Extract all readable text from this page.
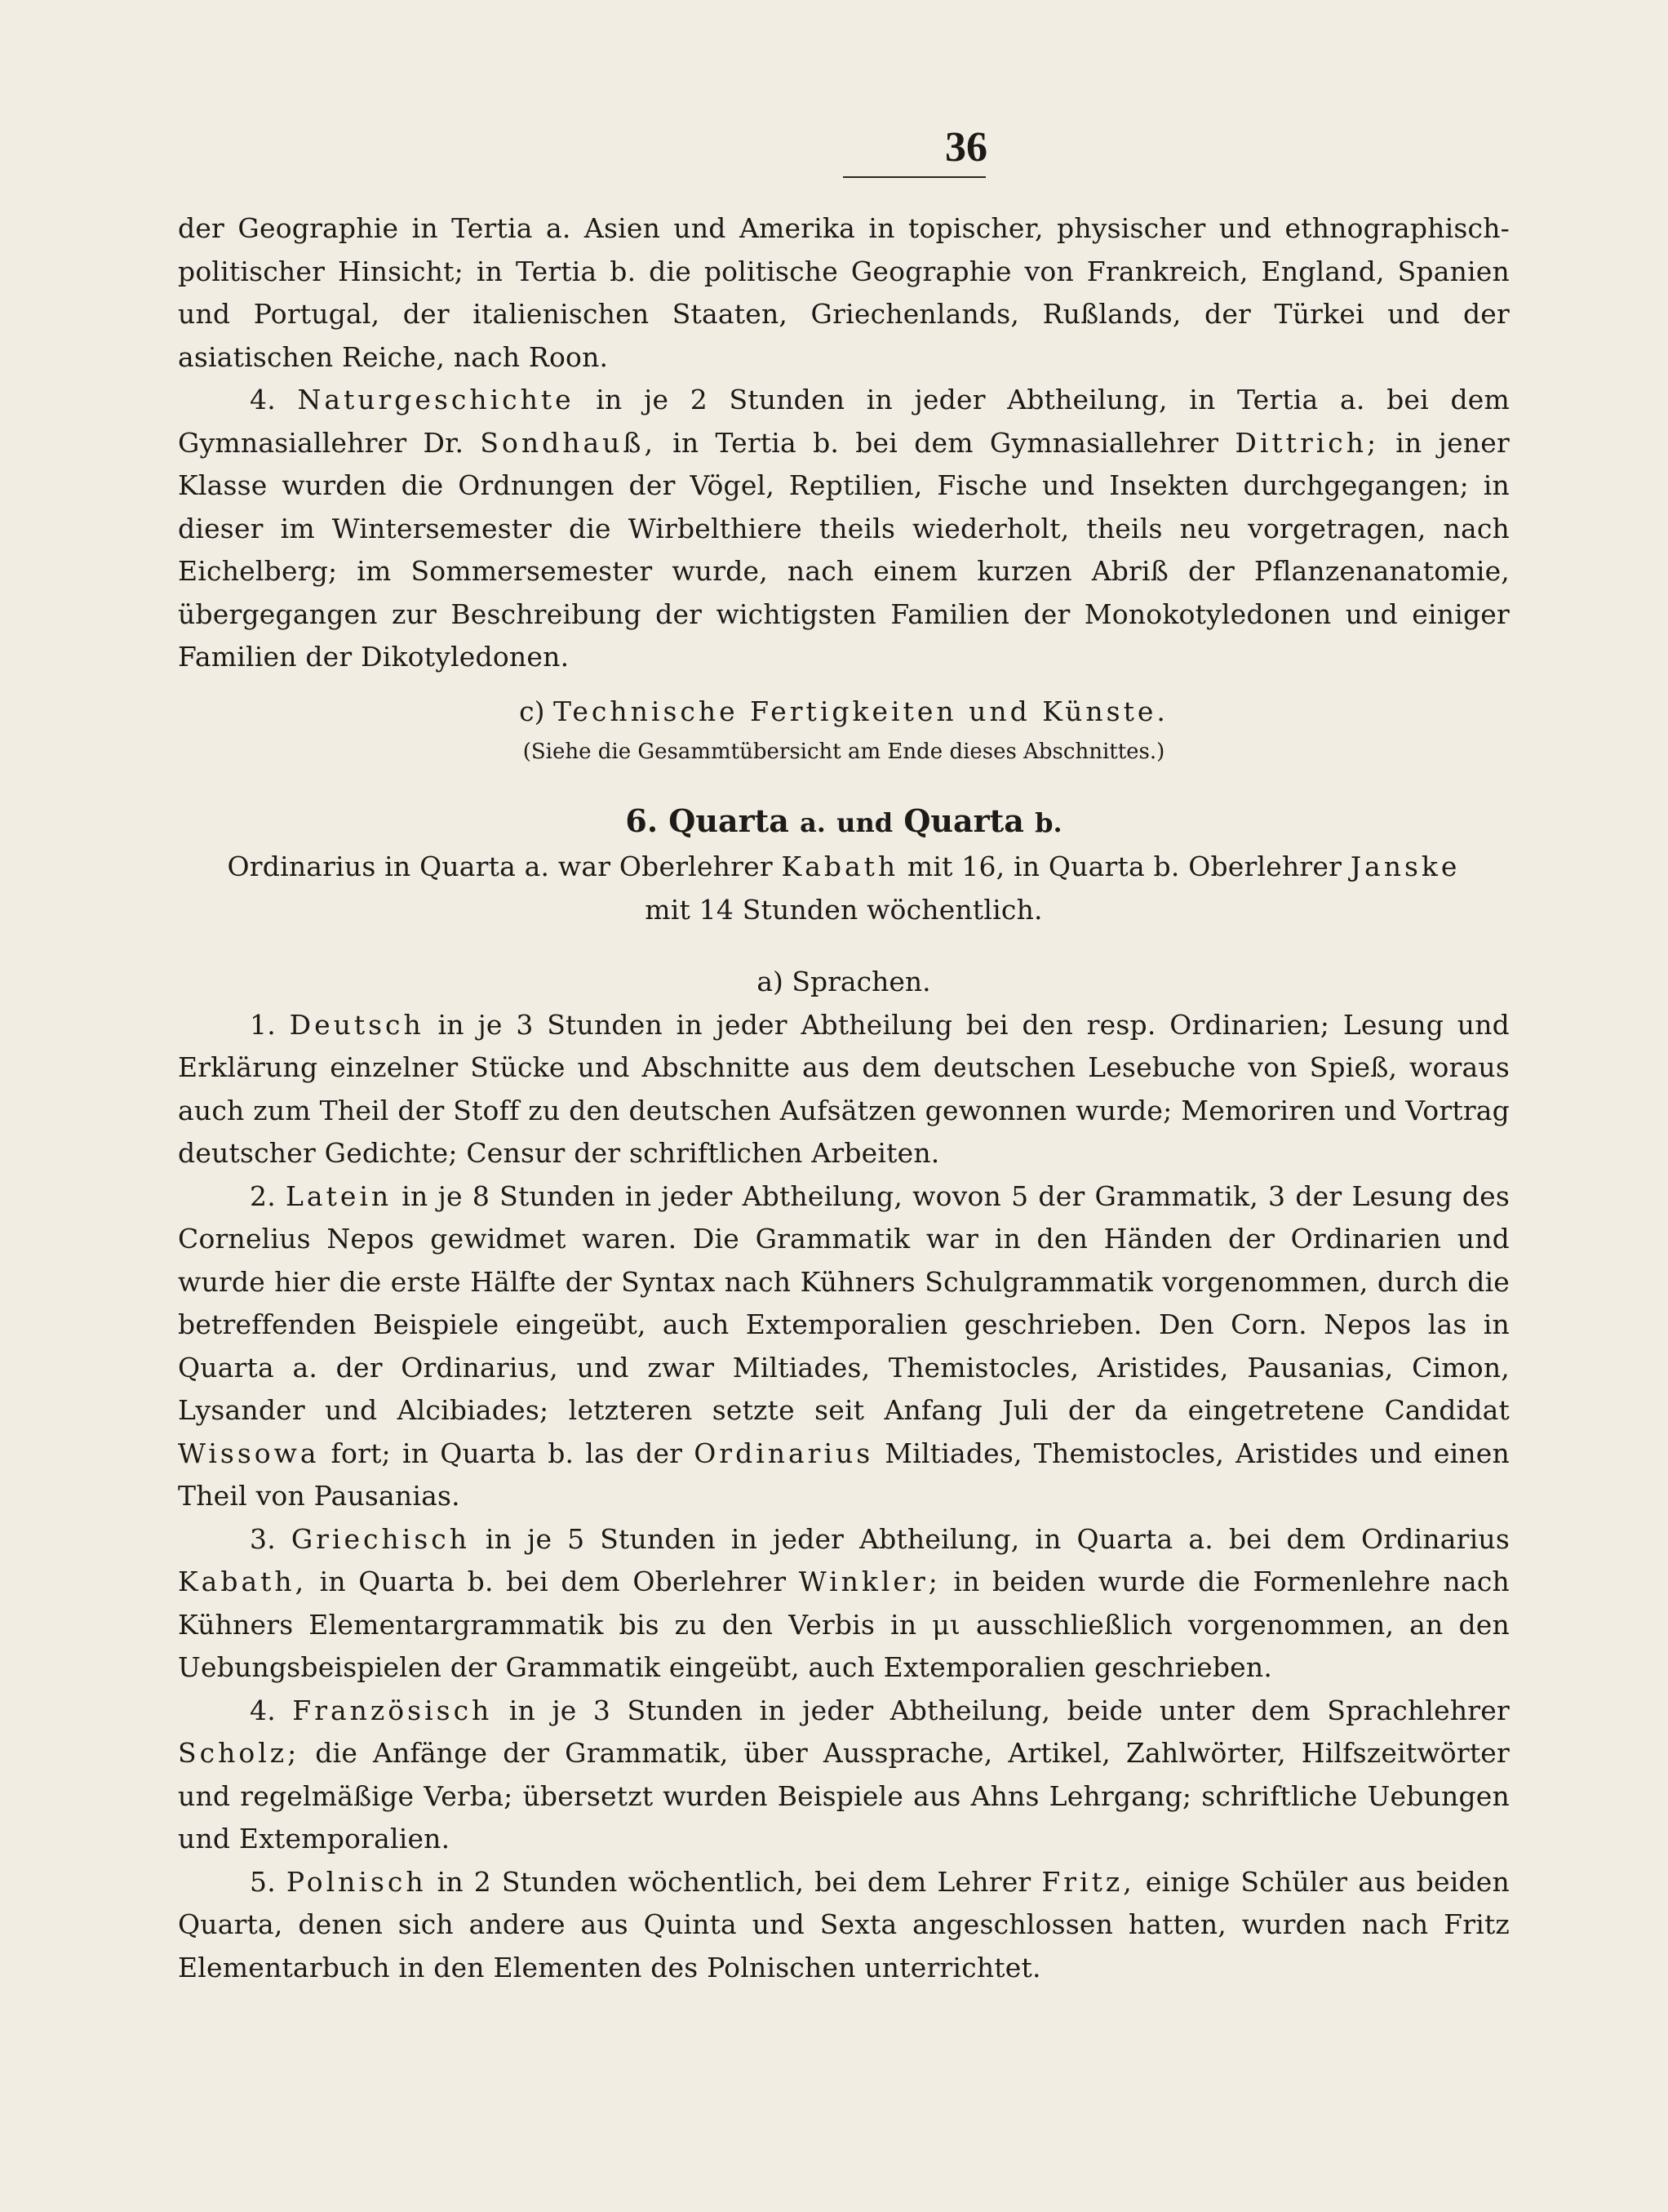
36

der Geographie in Tertia a. Asien und Amerika in topischer, physischer und ethnographisch-politischer Hinsicht; in Tertia b. die politische Geographie von Frankreich, England, Spanien und Portugal, der italienischen Staaten, Griechenlands, Rußlands, der Türkei und der asiatischen Reiche, nach Roon.

4. Naturgeschichte in je 2 Stunden in jeder Abtheilung, in Tertia a. bei dem Gymnasiallehrer Dr. Sondhauß, in Tertia b. bei dem Gymnasiallehrer Dittrich; in jener Klasse wurden die Ordnungen der Vögel, Reptilien, Fische und Insekten durchgegangen; in dieser im Wintersemester die Wirbelthiere theils wiederholt, theils neu vorgetragen, nach Eichelberg; im Sommersemester wurde, nach einem kurzen Abriß der Pflanzenanatomie, übergegangen zur Beschreibung der wichtigsten Familien der Monokotyledonen und einiger Familien der Dikotyledonen.

c) Technische Fertigkeiten und Künste.
(Siehe die Gesammtübersicht am Ende dieses Abschnittes.)
6. Quarta a. und Quarta b.

Ordinarius in Quarta a. war Oberlehrer Kabath mit 16, in Quarta b. Oberlehrer Janske
mit 14 Stunden wöchentlich.

a) Sprachen.

1. Deutsch in je 3 Stunden in jeder Abtheilung bei den resp. Ordinarien; Lesung und Erklärung einzelner Stücke und Abschnitte aus dem deutschen Lesebuche von Spieß, woraus auch zum Theil der Stoff zu den deutschen Aufsätzen gewonnen wurde; Memoriren und Vortrag deutscher Gedichte; Censur der schriftlichen Arbeiten.

2. Latein in je 8 Stunden in jeder Abtheilung, wovon 5 der Grammatik, 3 der Lesung des Cornelius Nepos gewidmet waren. Die Grammatik war in den Händen der Ordinarien und wurde hier die erste Hälfte der Syntax nach Kühners Schulgrammatik vorgenommen, durch die betreffenden Beispiele eingeübt, auch Extemporalien geschrieben. Den Corn. Nepos las in Quarta a. der Ordinarius, und zwar Miltiades, Themistocles, Aristides, Pausanias, Cimon, Lysander und Alcibiades; letzteren setzte seit Anfang Juli der da eingetretene Candidat Wissowa fort; in Quarta b. las der Ordinarius Miltiades, Themistocles, Aristides und einen Theil von Pausanias.

3. Griechisch in je 5 Stunden in jeder Abtheilung, in Quarta a. bei dem Ordinarius Kabath, in Quarta b. bei dem Oberlehrer Winkler; in beiden wurde die Formenlehre nach Kühners Elementargrammatik bis zu den Verbis in μι ausschließlich vorgenommen, an den Uebungsbeispielen der Grammatik eingeübt, auch Extemporalien geschrieben.

4. Französisch in je 3 Stunden in jeder Abtheilung, beide unter dem Sprachlehrer Scholz; die Anfänge der Grammatik, über Aussprache, Artikel, Zahlwörter, Hilfszeitwörter und regelmäßige Verba; übersetzt wurden Beispiele aus Ahns Lehrgang; schriftliche Uebungen und Extemporalien.

5. Polnisch in 2 Stunden wöchentlich, bei dem Lehrer Fritz, einige Schüler aus beiden Quarta, denen sich andere aus Quinta und Sexta angeschlossen hatten, wurden nach Fritz Elementarbuch in den Elementen des Polnischen unterrichtet.
